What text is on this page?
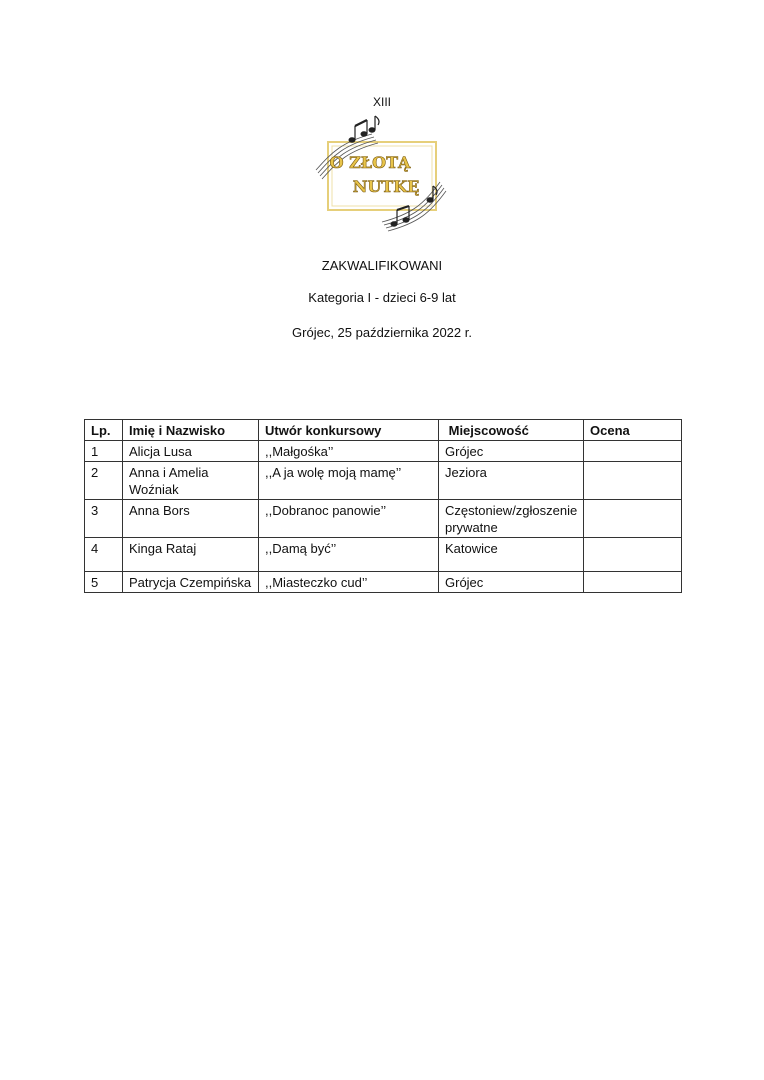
XIII
O ZŁOTĄ
NUTKĘ
ZAKWALIFIKOWANI
Kategoria I - dzieci 6-9 lat
Grójec, 25 października 2022 r.
Lp.	Imię i Nazwisko	Utwór konkursowy	Miejscowość	Ocena
1	Alicja Lusa	,,Małgośka’’	Grójec	
2	Anna i Amelia Woźniak	,,A ja wolę moją mamę’’	Jeziora	
3	Anna Bors	,,Dobranoc panowie’’	Częstoniew/zgłoszenie prywatne	
4	Kinga Rataj	,,Damą być’’	Katowice	
5	Patrycja Czempińska	,,Miasteczko cud’’	Grójec	
